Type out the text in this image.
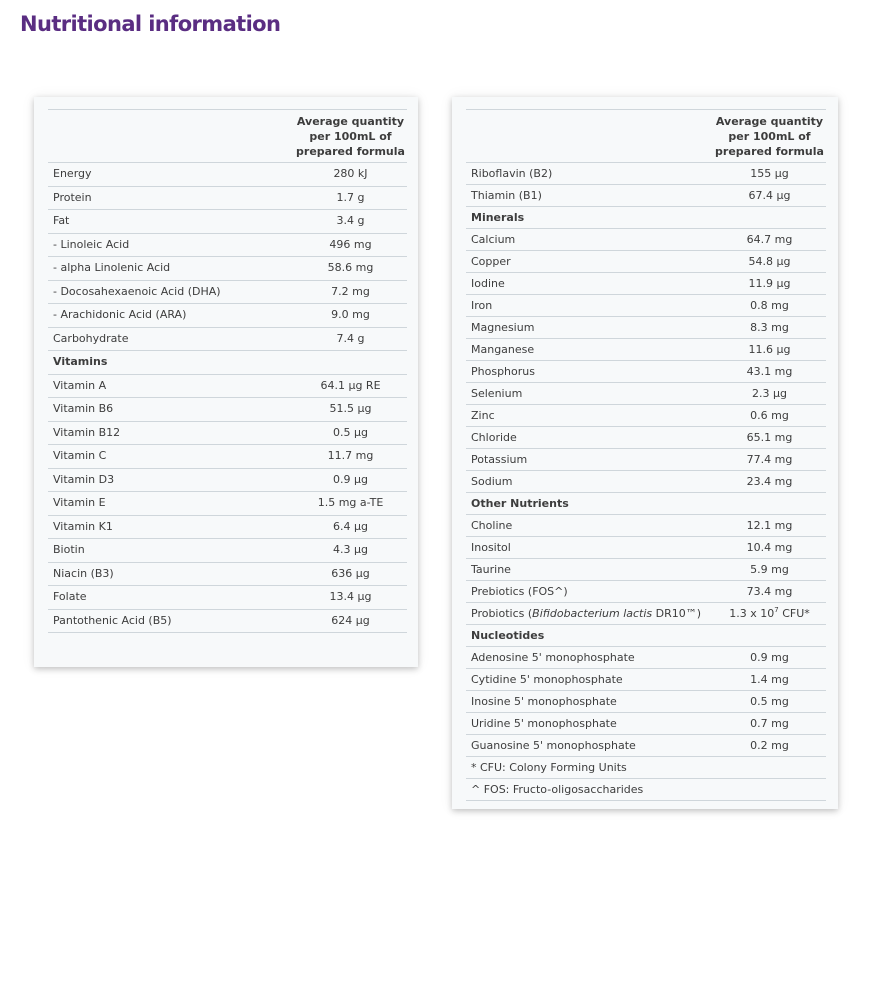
Nutritional information
	Average quantity per 100mL of prepared formula
Energy	280 kJ
Protein	1.7 g
Fat	3.4 g
- Linoleic Acid	496 mg
- alpha Linolenic Acid	58.6 mg
- Docosahexaenoic Acid (DHA)	7.2 mg
- Arachidonic Acid (ARA)	9.0 mg
Carbohydrate	7.4 g
Vitamins	
Vitamin A	64.1 µg RE
Vitamin B6	51.5 µg
Vitamin B12	0.5 µg
Vitamin C	11.7 mg
Vitamin D3	0.9 µg
Vitamin E	1.5 mg a-TE
Vitamin K1	6.4 µg
Biotin	4.3 µg
Niacin (B3)	636 µg
Folate	13.4 µg
Pantothenic Acid (B5)	624 µg
	Average quantity per 100mL of prepared formula
Riboflavin (B2)	155 µg
Thiamin (B1)	67.4 µg
Minerals	
Calcium	64.7 mg
Copper	54.8 µg
Iodine	11.9 µg
Iron	0.8 mg
Magnesium	8.3 mg
Manganese	11.6 µg
Phosphorus	43.1 mg
Selenium	2.3 µg
Zinc	0.6 mg
Chloride	65.1 mg
Potassium	77.4 mg
Sodium	23.4 mg
Other Nutrients	
Choline	12.1 mg
Inositol	10.4 mg
Taurine	5.9 mg
Prebiotics (FOS^)	73.4 mg
Probiotics (Bifidobacterium lactis DR10™)	1.3 x $10^7$ CFU*
Nucleotides	
Adenosine 5' monophosphate	0.9 mg
Cytidine 5' monophosphate	1.4 mg
Inosine 5' monophosphate	0.5 mg
Uridine 5' monophosphate	0.7 mg
Guanosine 5' monophosphate	0.2 mg
* CFU: Colony Forming Units	
^ FOS: Fructo-oligosaccharides	
